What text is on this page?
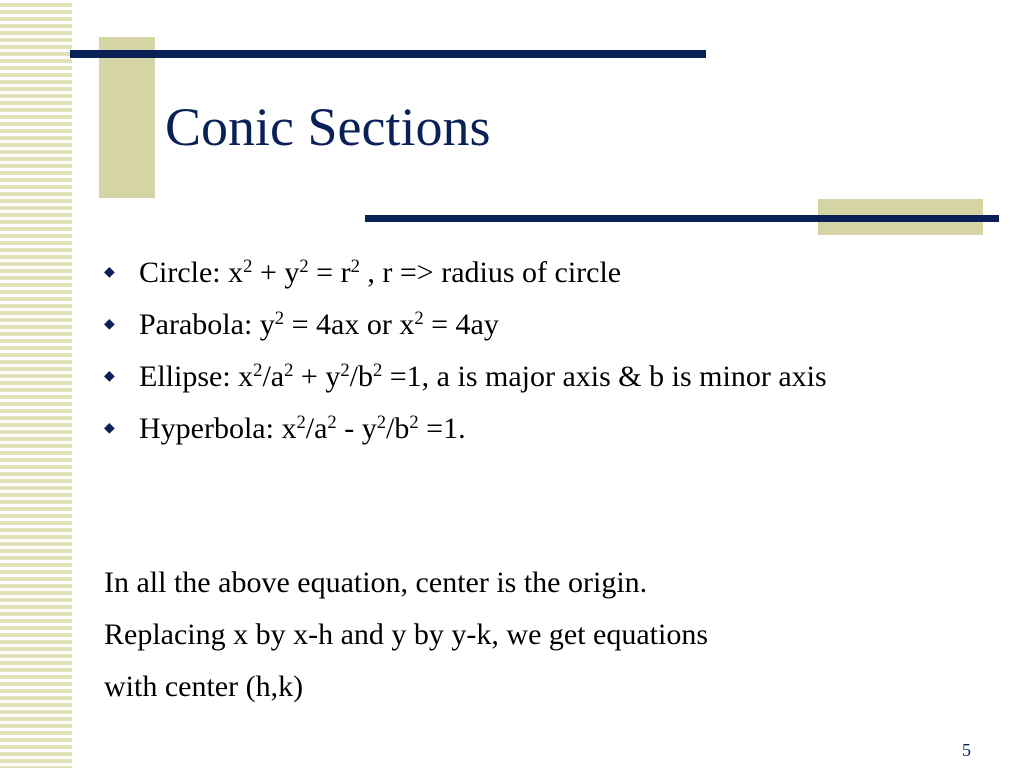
Conic Sections
◆ Circle: $x^2 + y^2 = r^2$ , r => radius of circle
◆ Parabola: $y^2 = 4ax$ or $x^2 = 4ay$
◆ Ellipse: $x^2/a^2 + y^2/b^2 =1$, a is major axis & b is minor axis
◆ Hyperbola: $x^2/a^2 - y^2/b^2 =1$.

In all the above equation, center is the origin.

Replacing x by x-h and y by y-k, we get equations

with center (h,k)

5
